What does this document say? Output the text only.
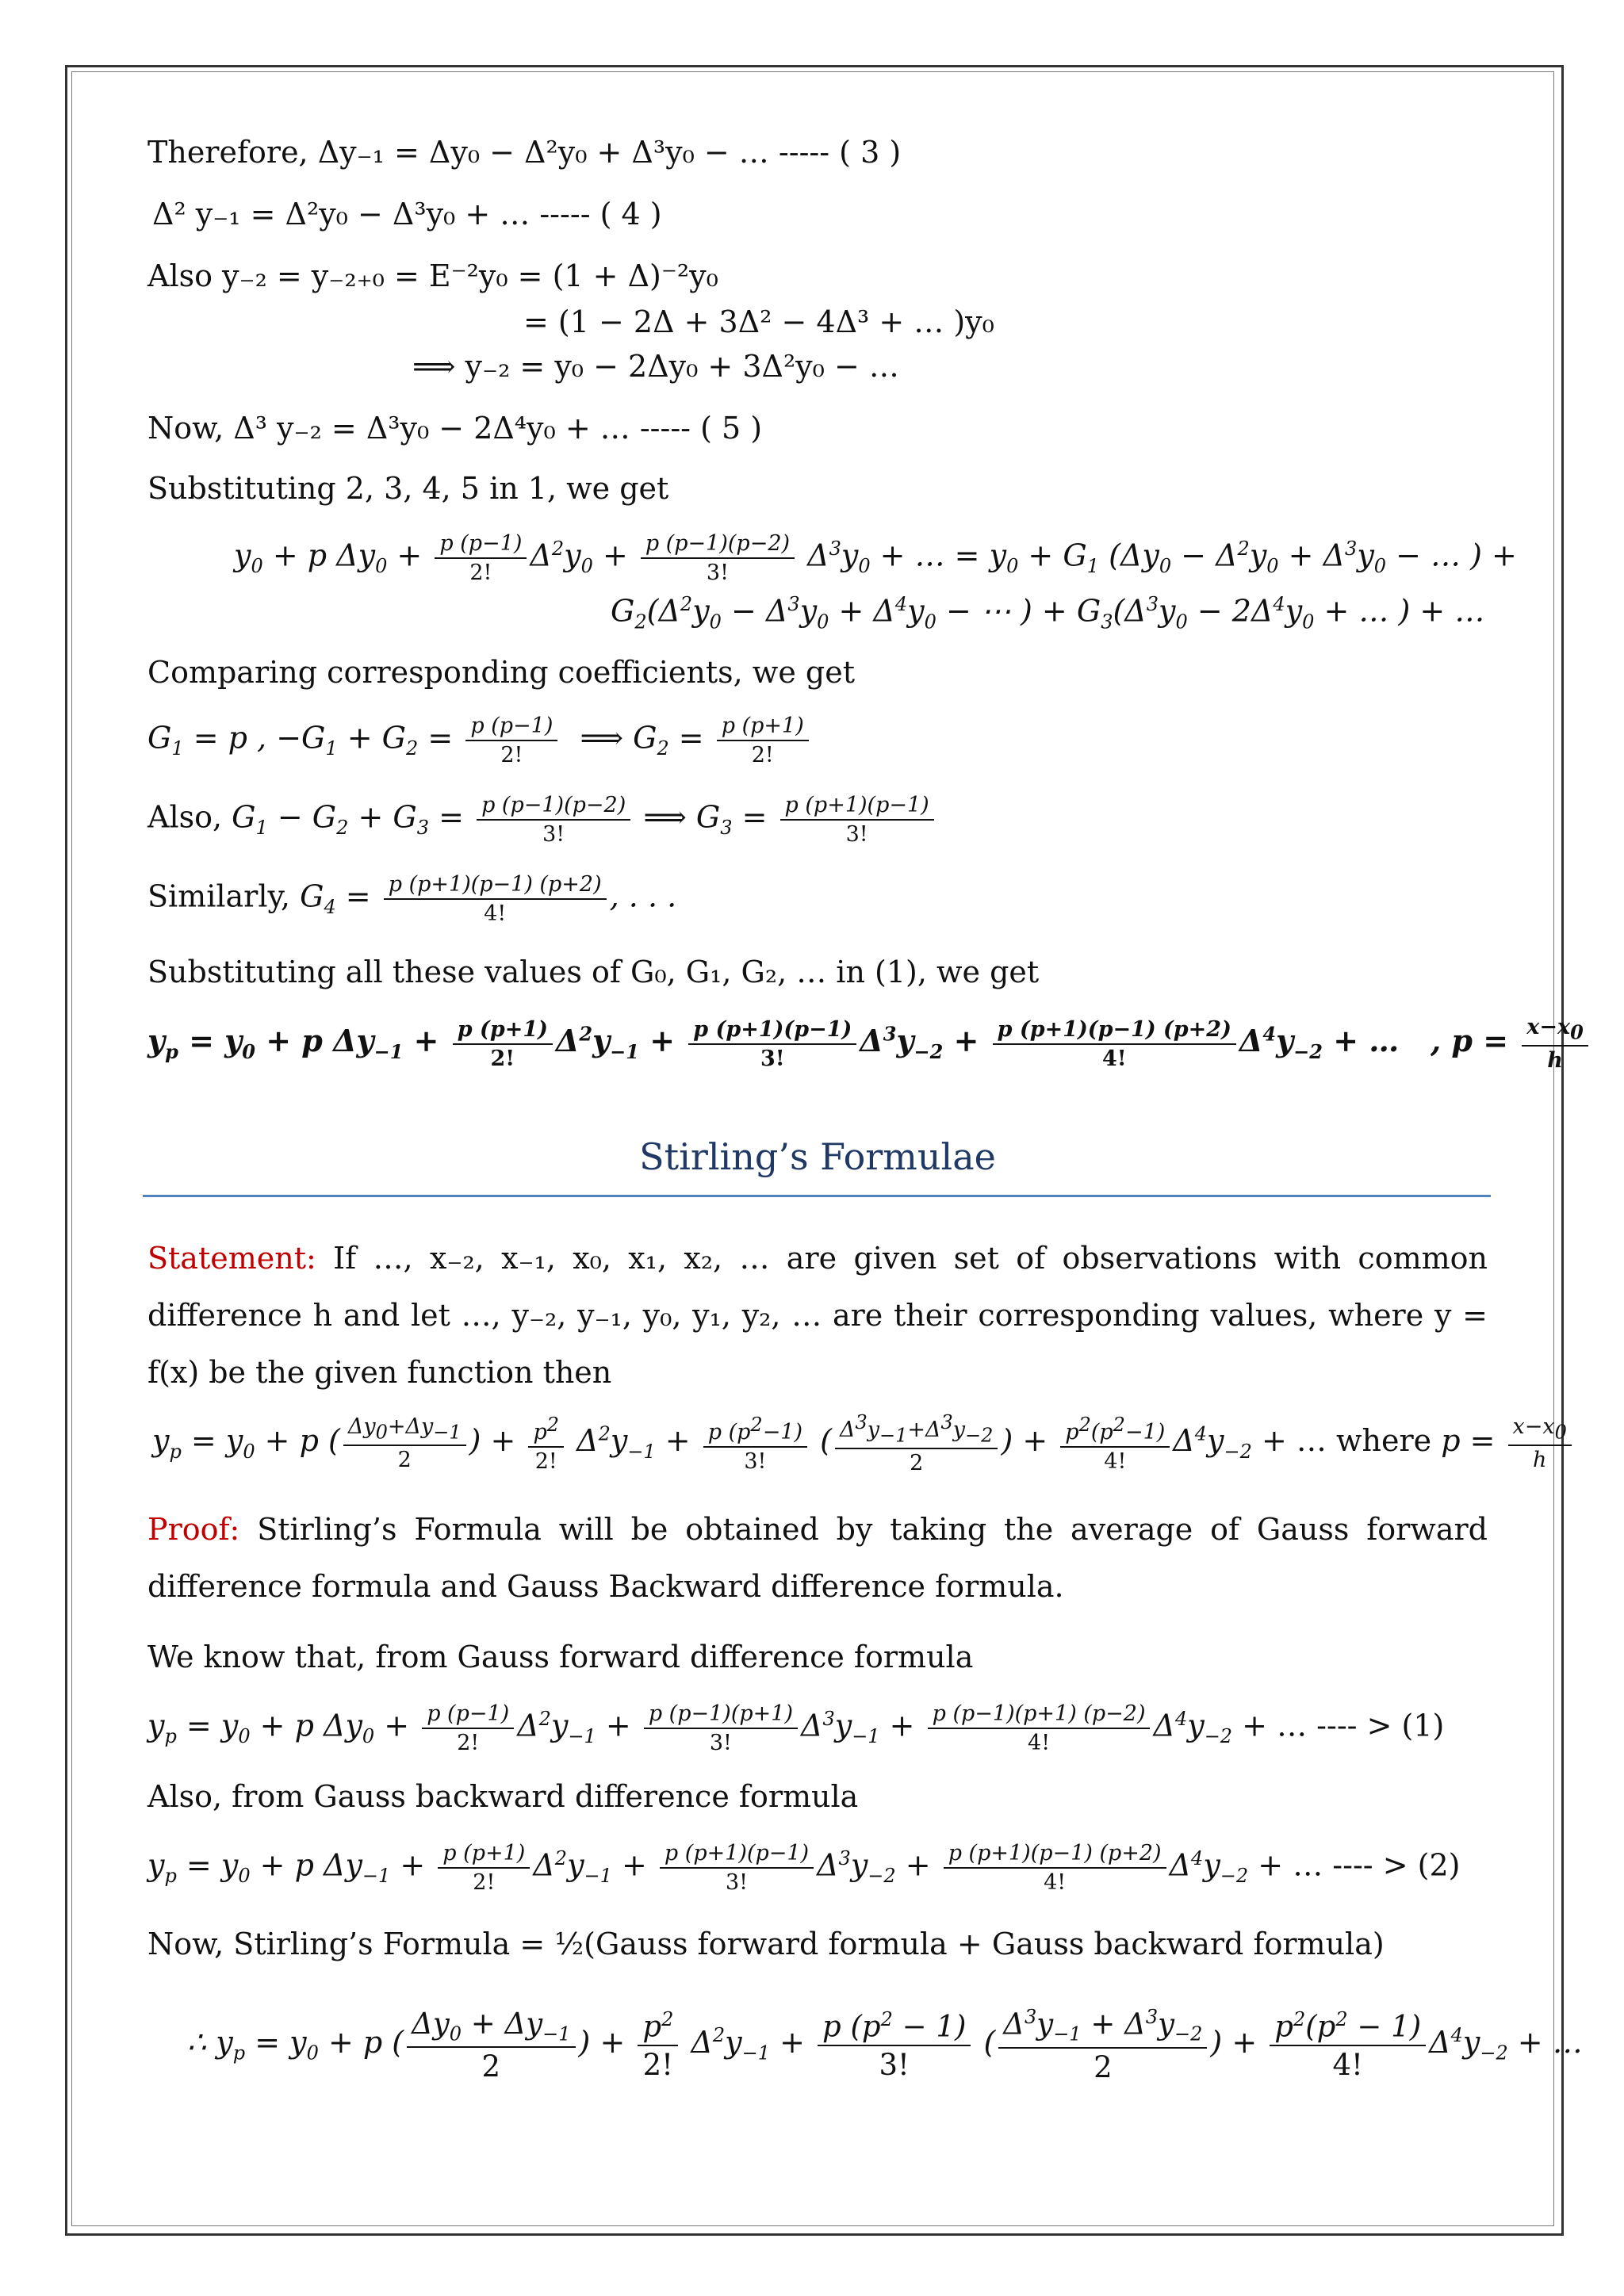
Therefore, Δy₋₁ = Δy₀ − Δ²y₀ + Δ³y₀ − … ----- ( 3 )
Δ² y₋₁ = Δ²y₀ − Δ³y₀ + … ----- ( 4 )
Also y₋₂ = y₋₂₊₀ = E⁻²y₀ = (1 + Δ)⁻²y₀
= (1 − 2Δ + 3Δ² − 4Δ³ + … )y₀
⟹ y₋₂ = y₀ − 2Δy₀ + 3Δ²y₀ − …
Now, Δ³ y₋₂ = Δ³y₀ − 2Δ⁴y₀ + … ----- ( 5 )
Substituting 2, 3, 4, 5 in 1, we get
$y_0 + p$ $\Delta y_0 + \frac{p (p-1)}{2!} \Delta^2y_0 + \frac{p (p-1)(p-2)}{3!} \Delta^3y_0$ + … = $y_0 + G_1$ ($\Delta y_0 - \Delta^2y_0 + \Delta^3y_0$ − … ) +
$G_2(\Delta^2y_0 - \Delta^3y_0 + \Delta^4y_0$ − ⋯ ) + $G_3(\Delta^3y_0 - 2\Delta^4y_0$ + … ) + …
Comparing corresponding coefficients, we get
$G_1 = p$ , $-G_1 + G_2 = \frac{p (p-1)}{2!}$ ⟹ $G_2 = \frac{p (p+1)}{2!}$
Also, $G_1 - G_2 + G_3 = \frac{p (p-1)(p-2)}{3!}$ ⟹ $G_3 = \frac{p (p+1)(p-1)}{3!}$
Similarly, $G_4 = \frac{p (p+1)(p-1) (p+2)}{4!}$ , . . .
Substituting all these values of G₀, G₁, G₂, … in (1), we get
$y_p = y_0 + p$ $\Delta y_{-1} + \frac{p (p+1)}{2!} \Delta^2y_{-1} + \frac{p (p+1)(p-1)}{3!} \Delta^3y_{-2} + \frac{p (p+1)(p-1) (p+2)}{4!} \Delta^4y_{-2}$ + …   , $p = \frac{x-x_0}{h}$
Stirling’s Formulae
Statement: If …, x₋₂, x₋₁, x₀, x₁, x₂, … are given set of observations with common difference h and let …, y₋₂, y₋₁, y₀, y₁, y₂, … are their corresponding values, where y = f(x) be the given function then
$y_p = y_0 + p$ ( $\frac{\Delta y_0+\Delta y_{-1}}{2}$ ) + $\frac{p^2}{2!} \Delta^2y_{-1} + \frac{p (p^2-1)}{3!}$ ( $\frac{\Delta^3y_{-1}+\Delta^3y_{-2}}{2}$ ) + $\frac{p^2(p^2-1)}{4!} \Delta^4y_{-2}$ + … where $p = \frac{x-x_0}{h}$
Proof: Stirling’s Formula will be obtained by taking the average of Gauss forward difference formula and Gauss Backward difference formula.
We know that, from Gauss forward difference formula
$y_p = y_0 + p$ $\Delta y_0 + \frac{p (p-1)}{2!} \Delta^2y_{-1} + \frac{p (p-1)(p+1)}{3!} \Delta^3y_{-1} + \frac{p (p-1)(p+1) (p-2)}{4!} \Delta^4y_{-2}$ + … ---- > (1)
Also, from Gauss backward difference formula
$y_p = y_0 + p$ $\Delta y_{-1} + \frac{p (p+1)}{2!} \Delta^2y_{-1} + \frac{p (p+1)(p-1)}{3!} \Delta^3y_{-2} + \frac{p (p+1)(p-1) (p+2)}{4!} \Delta^4y_{-2}$ + … ---- > (2)
Now, Stirling’s Formula = ½(Gauss forward formula + Gauss backward formula)
∴ $y_p = y_0 + p$ ( $\frac{\Delta y_0 + \Delta y_{-1}}{2}$ ) + $\frac{p^2}{2!} \Delta^2y_{-1} + \frac{p (p^2 - 1)}{3!}$ ( $\frac{\Delta^3y_{-1} + \Delta^3y_{-2}}{2}$ ) + $\frac{p^2(p^2 - 1)}{4!} \Delta^4y_{-2}$ + …
